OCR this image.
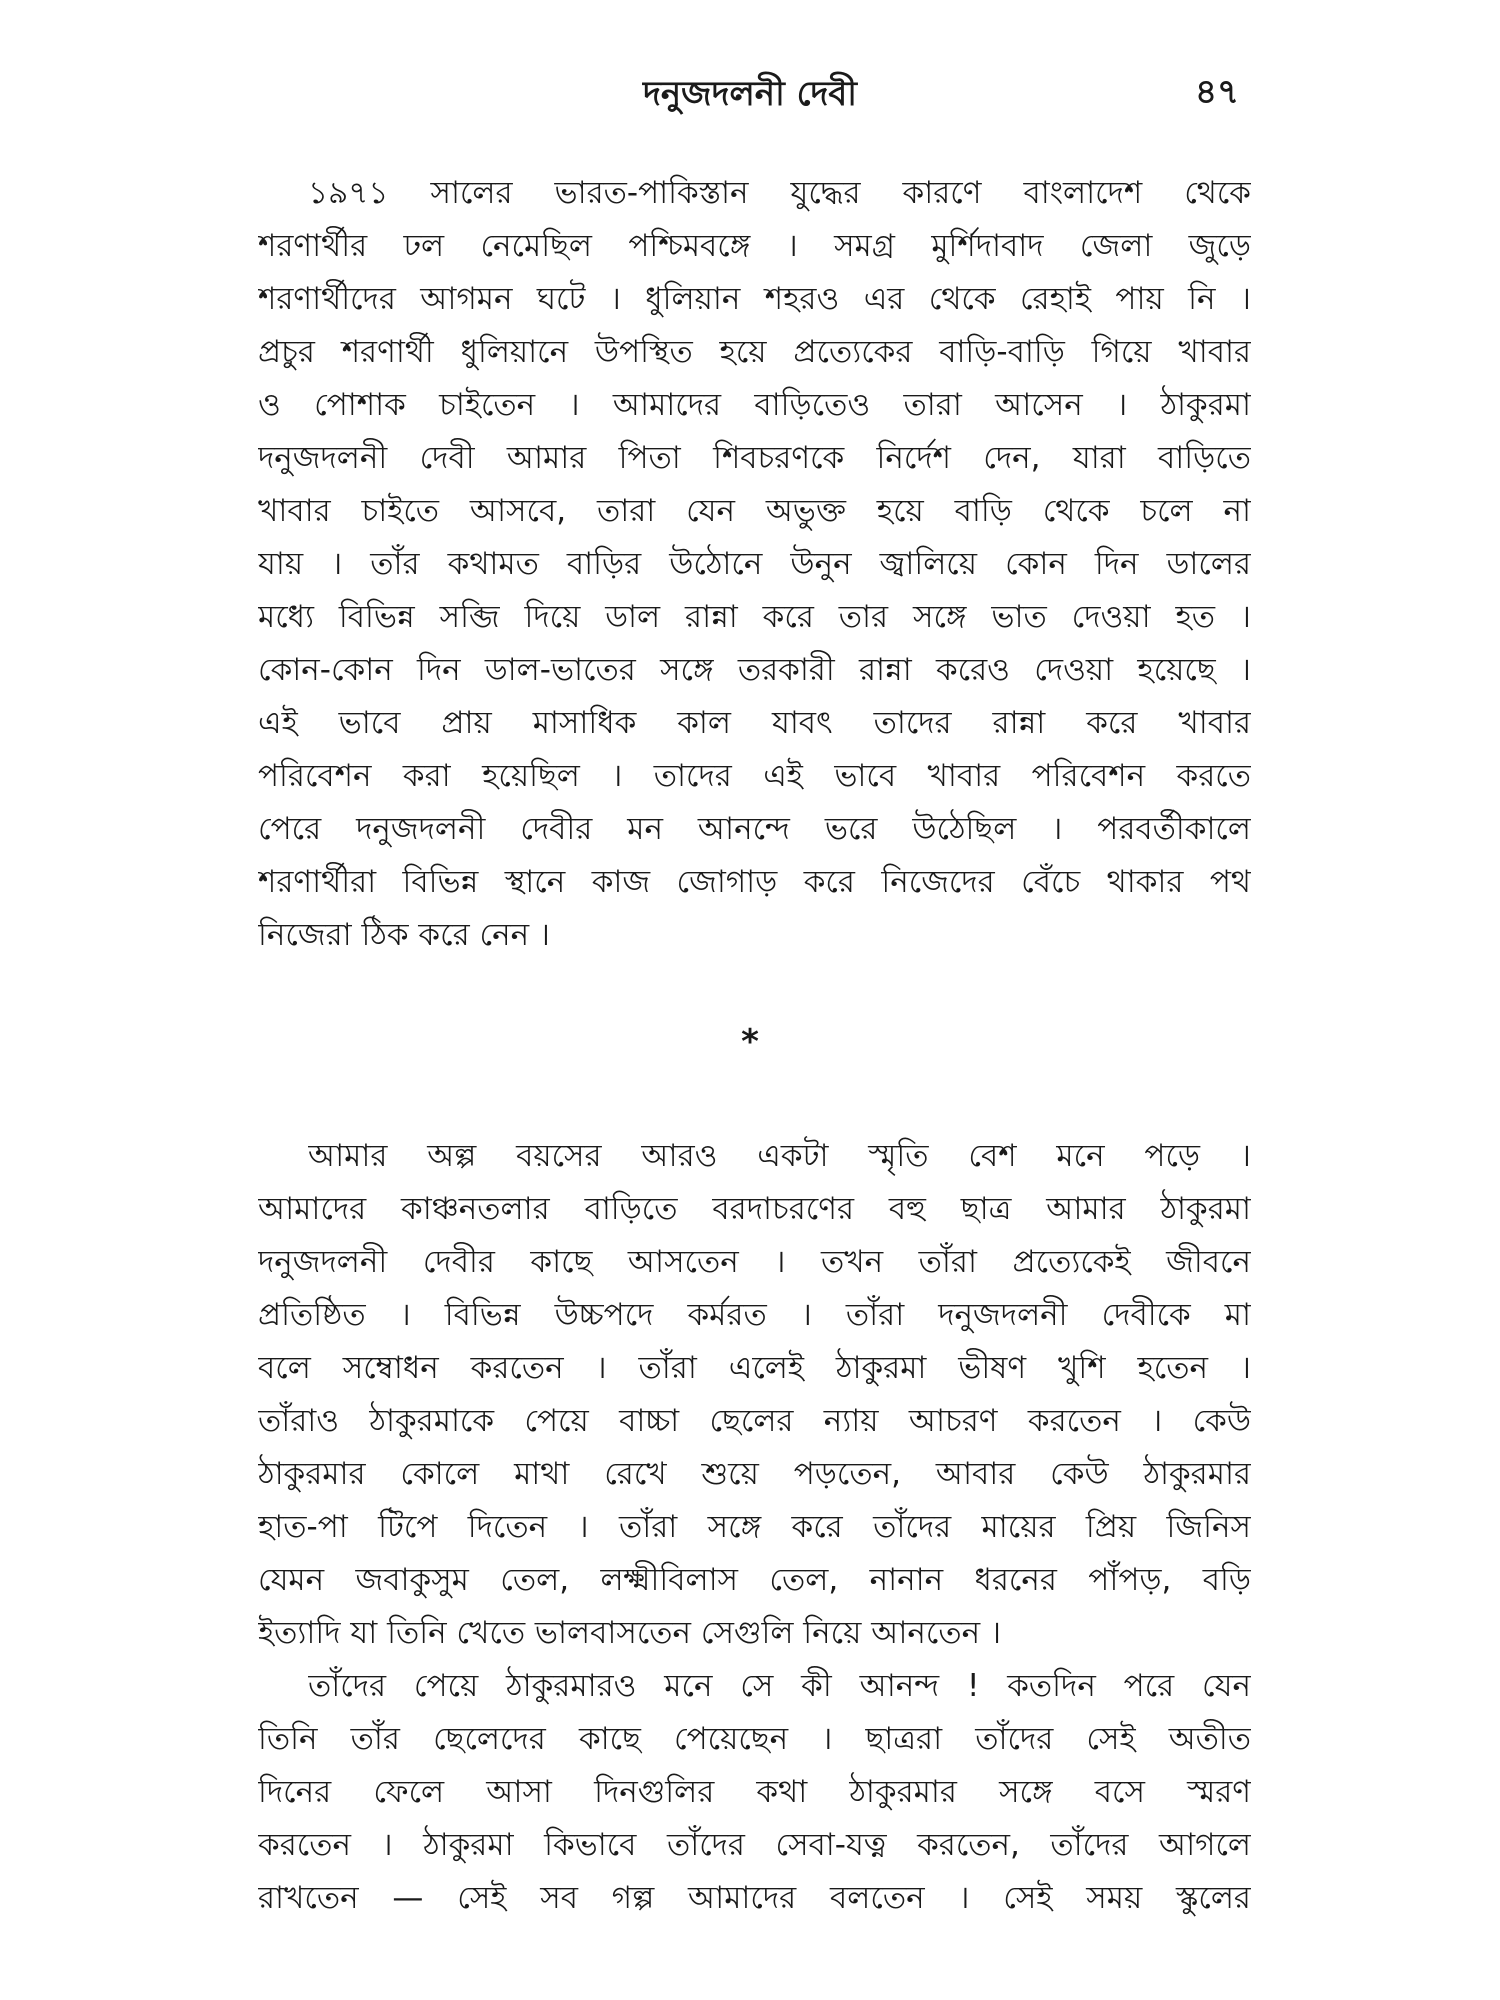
দনুজদলনী দেবী	৪৭
১৯৭১ সালের ভারত-পাকিস্তান যুদ্ধের কারণে বাংলাদেশ থেকে
শরণার্থীর ঢল নেমেছিল পশ্চিমবঙ্গে । সমগ্র মুর্শিদাবাদ জেলা জুড়ে
শরণার্থীদের আগমন ঘটে । ধুলিয়ান শহরও এর থেকে রেহাই পায় নি ।
প্রচুর শরণার্থী ধুলিয়ানে উপস্থিত হয়ে প্রত্যেকের বাড়ি-বাড়ি গিয়ে খাবার
ও পোশাক চাইতেন । আমাদের বাড়িতেও তারা আসেন । ঠাকুরমা
দনুজদলনী দেবী আমার পিতা শিবচরণকে নির্দেশ দেন, যারা বাড়িতে
খাবার চাইতে আসবে, তারা যেন অভুক্ত হয়ে বাড়ি থেকে চলে না
যায় । তাঁর কথামত বাড়ির উঠোনে উনুন জ্বালিয়ে কোন দিন ডালের
মধ্যে বিভিন্ন সব্জি দিয়ে ডাল রান্না করে তার সঙ্গে ভাত দেওয়া হত ।
কোন-কোন দিন ডাল-ভাতের সঙ্গে তরকারী রান্না করেও দেওয়া হয়েছে ।
এই ভাবে প্রায় মাসাধিক কাল যাবৎ তাদের রান্না করে খাবার
পরিবেশন করা হয়েছিল । তাদের এই ভাবে খাবার পরিবেশন করতে
পেরে দনুজদলনী দেবীর মন আনন্দে ভরে উঠেছিল । পরবর্তীকালে
শরণার্থীরা বিভিন্ন স্থানে কাজ জোগাড় করে নিজেদের বেঁচে থাকার পথ
নিজেরা ঠিক করে নেন ।
*
আমার অল্প বয়সের আরও একটা স্মৃতি বেশ মনে পড়ে ।
আমাদের কাঞ্চনতলার বাড়িতে বরদাচরণের বহু ছাত্র আমার ঠাকুরমা
দনুজদলনী দেবীর কাছে আসতেন । তখন তাঁরা প্রত্যেকেই জীবনে
প্রতিষ্ঠিত । বিভিন্ন উচ্চপদে কর্মরত । তাঁরা দনুজদলনী দেবীকে মা
বলে সম্বোধন করতেন । তাঁরা এলেই ঠাকুরমা ভীষণ খুশি হতেন ।
তাঁরাও ঠাকুরমাকে পেয়ে বাচ্চা ছেলের ন্যায় আচরণ করতেন । কেউ
ঠাকুরমার কোলে মাথা রেখে শুয়ে পড়তেন, আবার কেউ ঠাকুরমার
হাত-পা টিপে দিতেন । তাঁরা সঙ্গে করে তাঁদের মায়ের প্রিয় জিনিস
যেমন জবাকুসুম তেল, লক্ষ্মীবিলাস তেল, নানান ধরনের পাঁপড়, বড়ি
ইত্যাদি যা তিনি খেতে ভালবাসতেন সেগুলি নিয়ে আনতেন ।
তাঁদের পেয়ে ঠাকুরমারও মনে সে কী আনন্দ ! কতদিন পরে যেন
তিনি তাঁর ছেলেদের কাছে পেয়েছেন । ছাত্ররা তাঁদের সেই অতীত
দিনের ফেলে আসা দিনগুলির কথা ঠাকুরমার সঙ্গে বসে স্মরণ
করতেন । ঠাকুরমা কিভাবে তাঁদের সেবা-যত্ন করতেন, তাঁদের আগলে
রাখতেন — সেই সব গল্প আমাদের বলতেন । সেই সময় স্কুলের
